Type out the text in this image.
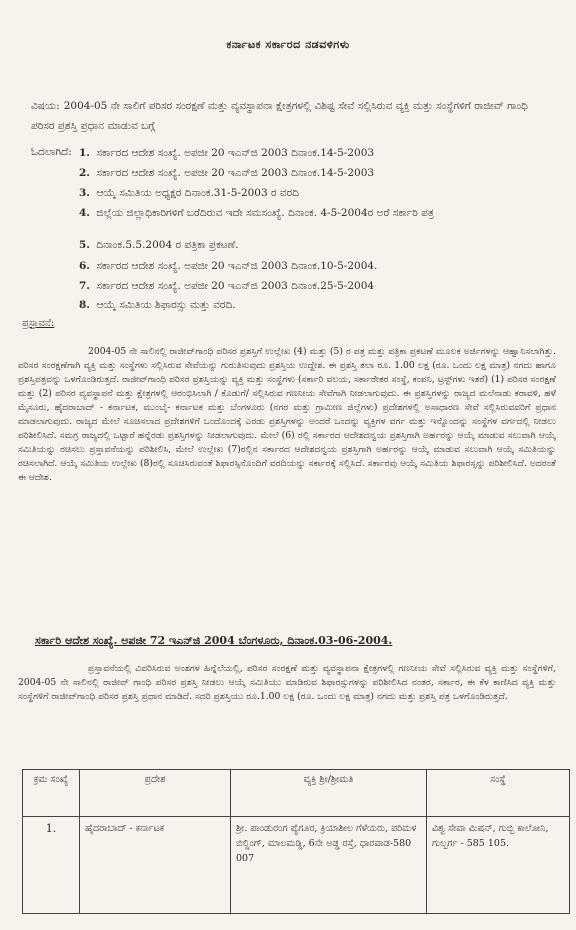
ಕರ್ನಾಟಕ ಸರ್ಕಾರದ ನಡವಳಿಗಳು
ವಿಷಯ: 2004-05 ನೇ ಸಾಲಿಗೆ ಪರಿಸರ ಸಂರಕ್ಷಣೆ ಮತ್ತು ವ್ಯವಸ್ಥಾಪನಾ ಕ್ಷೇತ್ರಗಳಲ್ಲಿ ವಿಶಿಷ್ಟ ಸೇವೆ ಸಲ್ಲಿಸಿರುವ ವ್ಯಕ್ತಿ ಮತ್ತು ಸಂಸ್ಥೆಗಳಿಗೆ ರಾಜೀವ್ ಗಾಂಧಿ ಪರಿಸರ ಪ್ರಶಸ್ತಿ ಪ್ರಧಾನ ಮಾಡುವ ಬಗ್ಗೆ
ಓದಲಾಗಿದೆ: 1. ಸರ್ಕಾರದ ಆದೇಶ ಸಂಖ್ಯೆ. ಅಪಜೀ 20 ಇಎನ್‌ಜಿ 2003 ದಿನಾಂಕ.14-5-2003
2. ಸರ್ಕಾರದ ಆದೇಶ ಸಂಖ್ಯೆ. ಅಪಜೀ 20 ಇಎನ್‌ಜಿ 2003 ದಿನಾಂಕ.14-5-2003
3. ಆಯ್ಕೆ ಸಮಿತಿಯ ಅಧ್ಯಕ್ಷರ ದಿನಾಂಕ.31-5-2003 ರ ವರದಿ
4. ಜಿಲ್ಲೆಯ ಜಿಲ್ಲಾಧಿಕಾರಿಗಳಿಗೆ ಬರೆದಿರುವ ಇದೇ ಸಮಸಂಖ್ಯೆ. ದಿನಾಂಕ. 4-5-2004ರ ಅರೆ ಸರ್ಕಾರಿ ಪತ್ರ
5. ದಿನಾಂಕ.5.5.2004 ರ ಪತ್ರಿಕಾ ಪ್ರಕಟಣೆ.
6. ಸರ್ಕಾರದ ಆದೇಶ ಸಂಖ್ಯೆ. ಅಪಜೀ 20 ಇಎನ್‌ಜಿ 2003 ದಿನಾಂಕ.10-5-2004.
7. ಸರ್ಕಾರದ ಆದೇಶ ಸಂಖ್ಯೆ. ಅಪಜೀ 20 ಇಎನ್‌ಜಿ 2003 ದಿನಾಂಕ.25-5-2004
8. ಆಯ್ಕೆ ಸಮಿತಿಯ ಶಿಫಾರಸ್ಸು ಮತ್ತು ವರದಿ.
ಪ್ರಸ್ತಾವನೆ:
2004-05 ನೇ ಸಾಲಿನಲ್ಲಿ ರಾಜೀವ್‌ಗಾಂಧಿ ಪರಿಸರ ಪ್ರಶಸ್ತಿಗೆ ಉಲ್ಲೇಖ (4) ಮತ್ತು (5) ರ ಪತ್ರ ಮತ್ತು ಪತ್ರಿಕಾ ಪ್ರಕಟಣೆ ಮೂಲಕ ಅರ್ಜಿಗಳನ್ನು ಆಹ್ವಾನಿಸಲಾಗಿತ್ತು. ಪರಿಸರ ಸಂರಕ್ಷಣೆಗಾಗಿ ವ್ಯಕ್ತಿ ಮತ್ತು ಸಂಸ್ಥೆಗಳು ಸಲ್ಲಿಸಿರುವ ಸೇವೆಯನ್ನು ಗುರುತಿಸುವುದು ಪ್ರಶಸ್ತಿಯ ಉದ್ದೇಶ. ಈ ಪ್ರಶಸ್ತಿ ತಲಾ ರೂ. 1.00 ಲಕ್ಷ (ರೂ. ಒಂದು ಲಕ್ಷ ಮಾತ್ರ) ನಗದು ಹಾಗೂ ಪ್ರಶಸ್ತಿಪತ್ರವನ್ನು ಒಳಗೊಂಡಿರುತ್ತದೆ. ರಾಜೀವ್‌ಗಾಂಧಿ ಪರಿಸರ ಪ್ರಶಸ್ತಿಯನ್ನು ವ್ಯಕ್ತಿ ಮತ್ತು ಸಂಸ್ಥೆಗಳು (ಸರ್ಕಾರಿ ವಲಯ, ಸರ್ಕಾರೇತರ ಸಂಸ್ಥೆ, ಕಂಪನಿ, ಟ್ರಸ್ಟ್‌ಗಳು ಇತರೆ) (1) ಪರಿಸರ ಸಂರಕ್ಷಣೆ ಮತ್ತು (2) ಪರಿಸರ ವ್ಯವಸ್ಥಾಪನೆ ಮತ್ತು ಕ್ಷೇತ್ರಗಳಲ್ಲಿ ಆರಂಭಿಸಿಲಾಗಿ / ಕೊಡುಗೆ/ ಸಲ್ಲಿಸಿರುವ ಗಣನೀಯ ಸೇವೆಗಾಗಿ ನೀಡಲಾಗುವುದು. ಈ ಪ್ರಶಸ್ತಿಗಳನ್ನು ರಾಜ್ಯದ ಮಲೆನಾಡು ಕರಾವಳಿ, ಹಳೆ ಮೈಸೂರು, ಹೈದರಾಬಾದ್ - ಕರ್ನಾಟಕ, ಮುಂಬೈ- ಕರ್ನಾಟಕ ಮತ್ತು ಬೆಂಗಳೂರು (ನಗರ ಮತ್ತು ಗ್ರಾಮೀಣ ಜಿಲ್ಲೆಗಳು) ಪ್ರದೇಶಗಳಲ್ಲಿ ಅಸಾಧಾರಣ ಸೇವೆ ಸಲ್ಲಿಸಿರುವವರಿಗೆ ಪ್ರಧಾನ ಮಾಡಲಾಗುವುದು. ರಾಜ್ಯದ ಮೇಲೆ ಸೂಚಿಸಲಾದ ಪ್ರದೇಶಗಳಿಗೆ ಒಂದೊಂದಕ್ಕೆ ಎರಡು ಪ್ರಶಸ್ತಿಗಳನ್ನು ಅಂದರೆ ಒಂದನ್ನು ವ್ಯಕ್ತಿಗಳ ವರ್ಗ ಮತ್ತು ಇನ್ನೊಂದನ್ನು ಸಂಸ್ಥೆಗಳ ವರ್ಗದಲ್ಲಿ ನೀಡಲು ಪರಿಶೀಲಿಸಿದೆ. ಸಮಗ್ರ ರಾಜ್ಯದಲ್ಲಿ ಒಟ್ಟಾರೆ ಹನ್ನೆರಡು ಪ್ರಶಸ್ತಿಗಳನ್ನು ನೀಡಲಾಗುವುದು. ಮೇಲೆ (6) ರಲ್ಲಿ ಸರ್ಕಾರದ ಆದೇಶದನ್ವಯ ಪ್ರಶಸ್ತಿಗಾಗಿ ಅರ್ಹರನ್ನು ಆಯ್ಕೆ ಮಾಡುವ ಸಲುವಾಗಿ ಆಯ್ಕೆ ಸಮಿತಿಯನ್ನು ರಚಿಸಲು ಪ್ರಸ್ತಾವನೆಯನ್ನು ಪರಿಶೀಲಿಸಿ, ಮೇಲೆ ಉಲ್ಲೇಖ (7)ರಲ್ಲಿನ ಸರ್ಕಾರದ ಆದೇಶದನ್ವಯ ಪ್ರಶಸ್ತಿಗಾಗಿ ಅರ್ಹರನ್ನು ಆಯ್ಕೆ ಮಾಡುವ ಸಲುವಾಗಿ ಆಯ್ಕೆ ಸಮಿತಿಯನ್ನು ರಚಿಸಲಾಗಿದೆ. ಆಯ್ಕೆ ಸಮಿತಿಯ ಉಲ್ಲೇಖ (8)ರಲ್ಲಿ ಸೂಚಿಸಿರುವಂತೆ ಶಿಫಾರಸ್ಸಿನೊಂದಿಗೆ ವರದಿಯನ್ನು ಸರ್ಕಾರಕ್ಕೆ ಸಲ್ಲಿಸಿದೆ. ಸರ್ಕಾರವು ಆಯ್ಕೆ ಸಮಿತಿಯ ಶಿಫಾರಸ್ಸನ್ನು ಪರಿಶೀಲಿಸಿದೆ. ಅದರಂತೆ ಈ ಆದೇಶ.
ಸರ್ಕಾರಿ ಆದೇಶ ಸಂಖ್ಯೆ. ಅಪಜೀ 72 ಇಎನ್‌ಜಿ 2004 ಬೆಂಗಳೂರು, ದಿನಾಂಕ.03-06-2004.
ಪ್ರಸ್ತಾವನೆಯಲ್ಲಿ ವಿವರಿಸಿರುವ ಅಂಶಗಳ ಹಿನ್ನೆಲೆಯಲ್ಲಿ, ಪರಿಸರ ಸಂರಕ್ಷಣೆ ಮತ್ತು ವ್ಯವಸ್ಥಾಪನಾ ಕ್ಷೇತ್ರಗಳಲ್ಲಿ ಗಣನೀಯ ಸೇವೆ ಸಲ್ಲಿಸಿರುವ ವ್ಯಕ್ತಿ ಮತ್ತು ಸಂಸ್ಥೆಗಳಿಗೆ, 2004-05 ನೇ ಸಾಲಿನಲ್ಲಿ ರಾಜೀವ್ ಗಾಂಧಿ ಪರಿಸರ ಪ್ರಶಸ್ತಿ ನೀಡಲು ಆಯ್ಕೆ ಸಮಿತಿಯು ಮಾಡಿರುವ ಶಿಫಾರಸ್ಸುಗಳನ್ನು ಪರಿಶೀಲಿಸಿದ ನಂತರ, ಸರ್ಕಾರ, ಈ ಕೆಳ ಕಾಣಿಸಿದ ವ್ಯಕ್ತಿ ಮತ್ತು ಸಂಸ್ಥೆಗಳಿಗೆ ರಾಜೀವ್‌ಗಾಂಧಿ ಪರಿಸರ ಪ್ರಶಸ್ತಿ ಪ್ರಧಾನ ಮಾಡಿದೆ. ಸದರಿ ಪ್ರಶಸ್ತಿಯು ರೂ.1.00 ಲಕ್ಷ (ರೂ. ಒಂದು ಲಕ್ಷ ಮಾತ್ರ) ನಗದು ಮತ್ತು ಪ್ರಶಸ್ತಿ ಪತ್ರ ಒಳಗೊಂಡಿರುತ್ತದೆ.
ಕ್ರಮ ಸಂಖ್ಯೆ	ಪ್ರದೇಶ	ವ್ಯಕ್ತಿ ಶ್ರೀ/ಶ್ರೀಮತಿ	ಸಂಸ್ಥೆ
1.	ಹೈದರಾಬಾದ್ - ಕರ್ನಾಟಕ	ಶ್ರೀ. ಪಾಂಡುರಂಗ ಪ್ಯೆಗೂರ, ಕ್ರಿಯಾಶೀಲ ಗೆಳೆಯರು, ಪರಿಮಳ ಬಿಲ್ಡಿಂಗ್, ಮಾಲಮಡ್ಡಿ, 6ನೇ ಅಡ್ಡ ರಸ್ತೆ, ಧಾರವಾಡ-580 007	ವಿಶ್ವ ಸೇವಾ ಮಿಷನ್, ಗುಬ್ಬಿ ಕಾಲೋನಿ, ಗುಲ್ಬರ್ಗ - 585 105.
